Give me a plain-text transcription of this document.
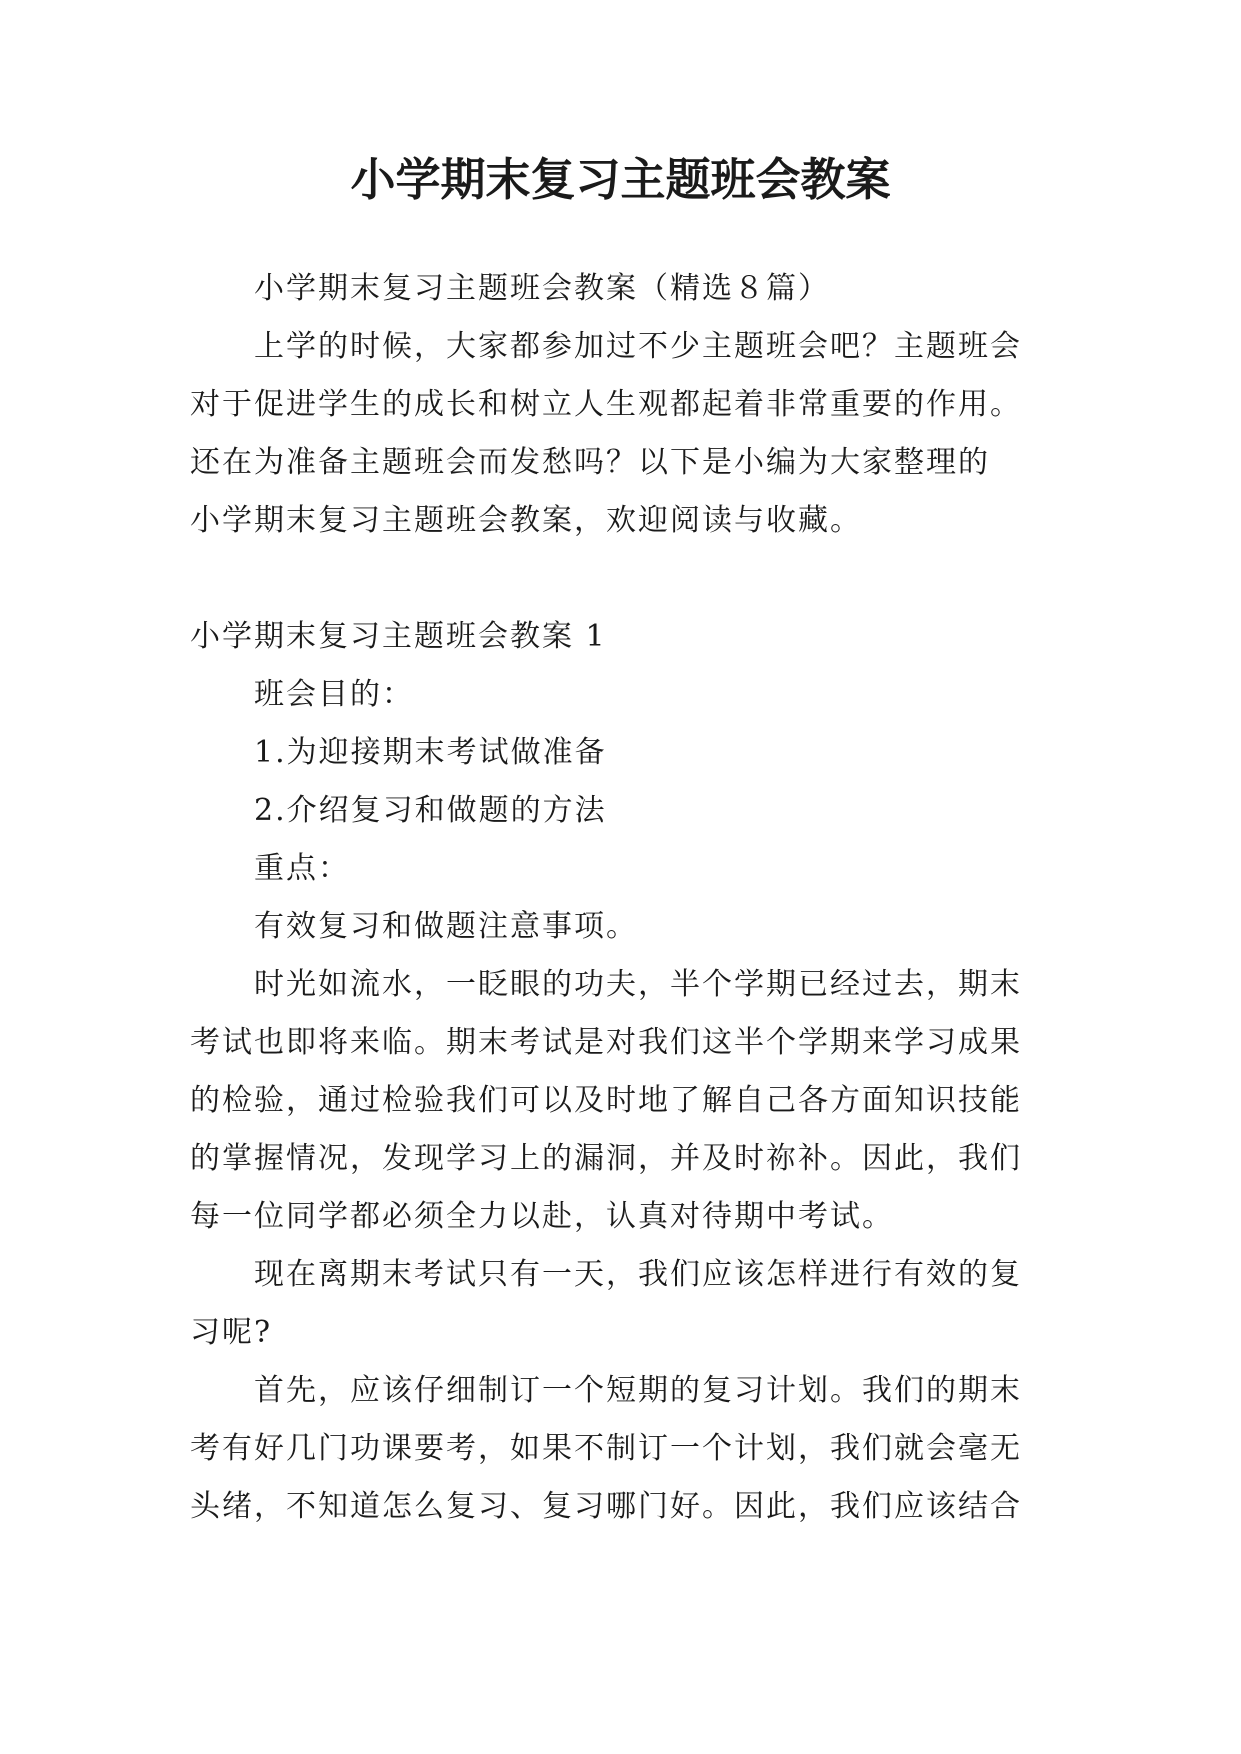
小学期末复习主题班会教案

小学期末复习主题班会教案（精选８篇）

上学的时候，大家都参加过不少主题班会吧？主题班会

对于促进学生的成长和树立人生观都起着非常重要的作用。

还在为准备主题班会而发愁吗？以下是小编为大家整理的

小学期末复习主题班会教案，欢迎阅读与收藏。

小学期末复习主题班会教案 1

班会目的：

1.为迎接期末考试做准备

2.介绍复习和做题的方法

重点：

有效复习和做题注意事项。

时光如流水，一眨眼的功夫，半个学期已经过去，期末

考试也即将来临。期末考试是对我们这半个学期来学习成果

的检验，通过检验我们可以及时地了解自己各方面知识技能

的掌握情况，发现学习上的漏洞，并及时祢补。因此，我们

每一位同学都必须全力以赴，认真对待期中考试。

现在离期末考试只有一天，我们应该怎样进行有效的复

习呢?

首先，应该仔细制订一个短期的复习计划。我们的期末

考有好几门功课要考，如果不制订一个计划，我们就会毫无

头绪，不知道怎么复习、复习哪门好。因此，我们应该结合
